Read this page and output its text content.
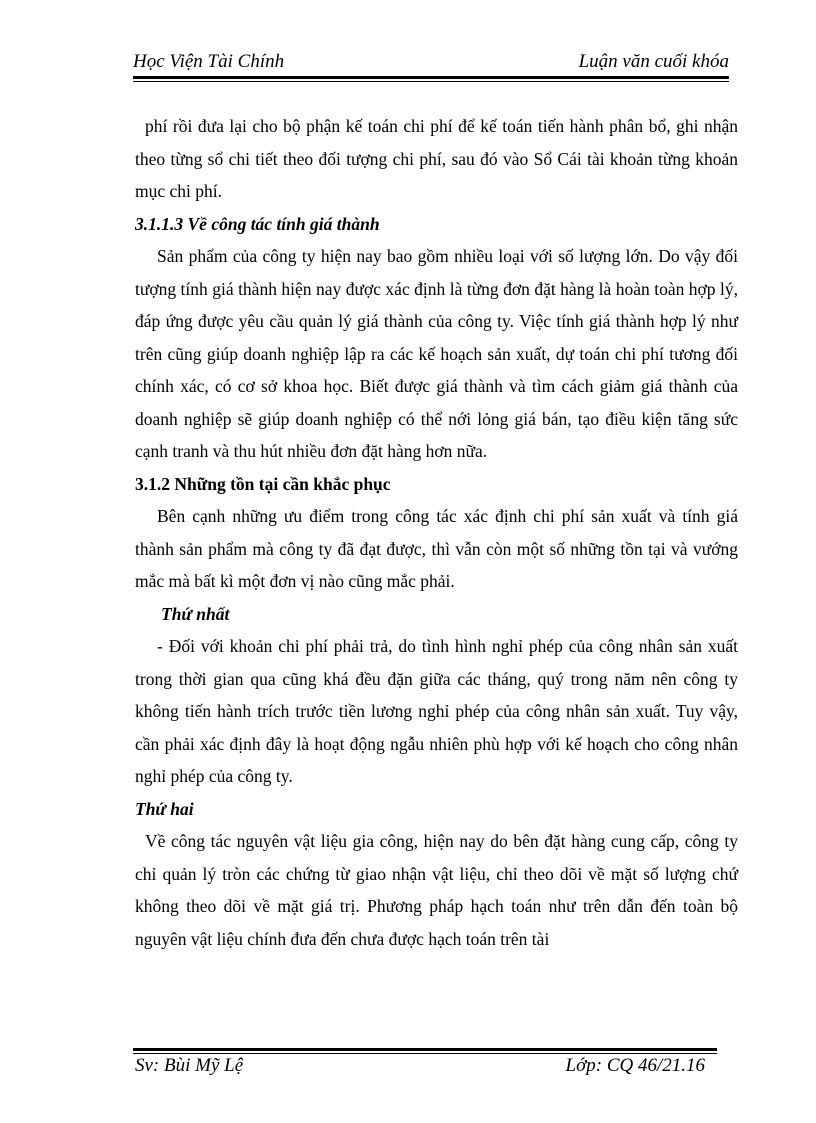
Học Viện Tài Chính	Luận văn cuối khóa

phí rồi đưa lại cho bộ phận kế toán chi phí để kế toán tiến hành phân bổ, ghi nhận theo từng sổ chi tiết theo đối tượng chi phí, sau đó vào Sổ Cái tài khoản từng khoản mục chi phí.

3.1.1.3 Về công tác tính giá thành

Sản phẩm của công ty hiện nay bao gồm nhiều loại với số lượng lớn. Do vậy đối tượng tính giá thành hiện nay được xác định là từng đơn đặt hàng là hoàn toàn hợp lý, đáp ứng được yêu cầu quản lý giá thành của công ty. Việc tính giá thành hợp lý như trên cũng giúp doanh nghiệp lập ra các kế hoạch sản xuất, dự toán chi phí tương đối chính xác, có cơ sở khoa học. Biết được giá thành và tìm cách giảm giá thành của doanh nghiệp sẽ giúp doanh nghiệp có thể nới lỏng giá bán, tạo điều kiện tăng sức cạnh tranh và thu hút nhiều đơn đặt hàng hơn nữa.

3.1.2 Những tồn tại cần khắc phục

Bên cạnh những ưu điểm trong công tác xác định chi phí sản xuất và tính giá thành sản phẩm mà công ty đã đạt được, thì vẫn còn một số những tồn tại và vướng mắc mà bất kì một đơn vị nào cũng mắc phải.

Thứ nhất

- Đối với khoản chi phí phải trả, do tình hình nghỉ phép của công nhân sản xuất trong thời gian qua cũng khá đều đặn giữa các tháng, quý trong năm nên công ty không tiến hành trích trước tiền lương nghỉ phép của công nhân sản xuất. Tuy vậy, cần phải xác định đây là hoạt động ngẫu nhiên phù hợp với kế hoạch cho công nhân nghỉ phép của công ty.

Thứ hai

Về công tác nguyên vật liệu gia công, hiện nay do bên đặt hàng cung cấp, công ty chỉ quản lý tròn các chứng từ giao nhận vật liệu, chỉ theo dõi về mặt số lượng chứ không theo dõi về mặt giá trị. Phương pháp hạch toán như trên dẫn đến toàn bộ nguyên vật liệu chính đưa đến chưa được hạch toán trên tài

Sv: Bùi Mỹ Lệ	Lớp: CQ 46/21.16
